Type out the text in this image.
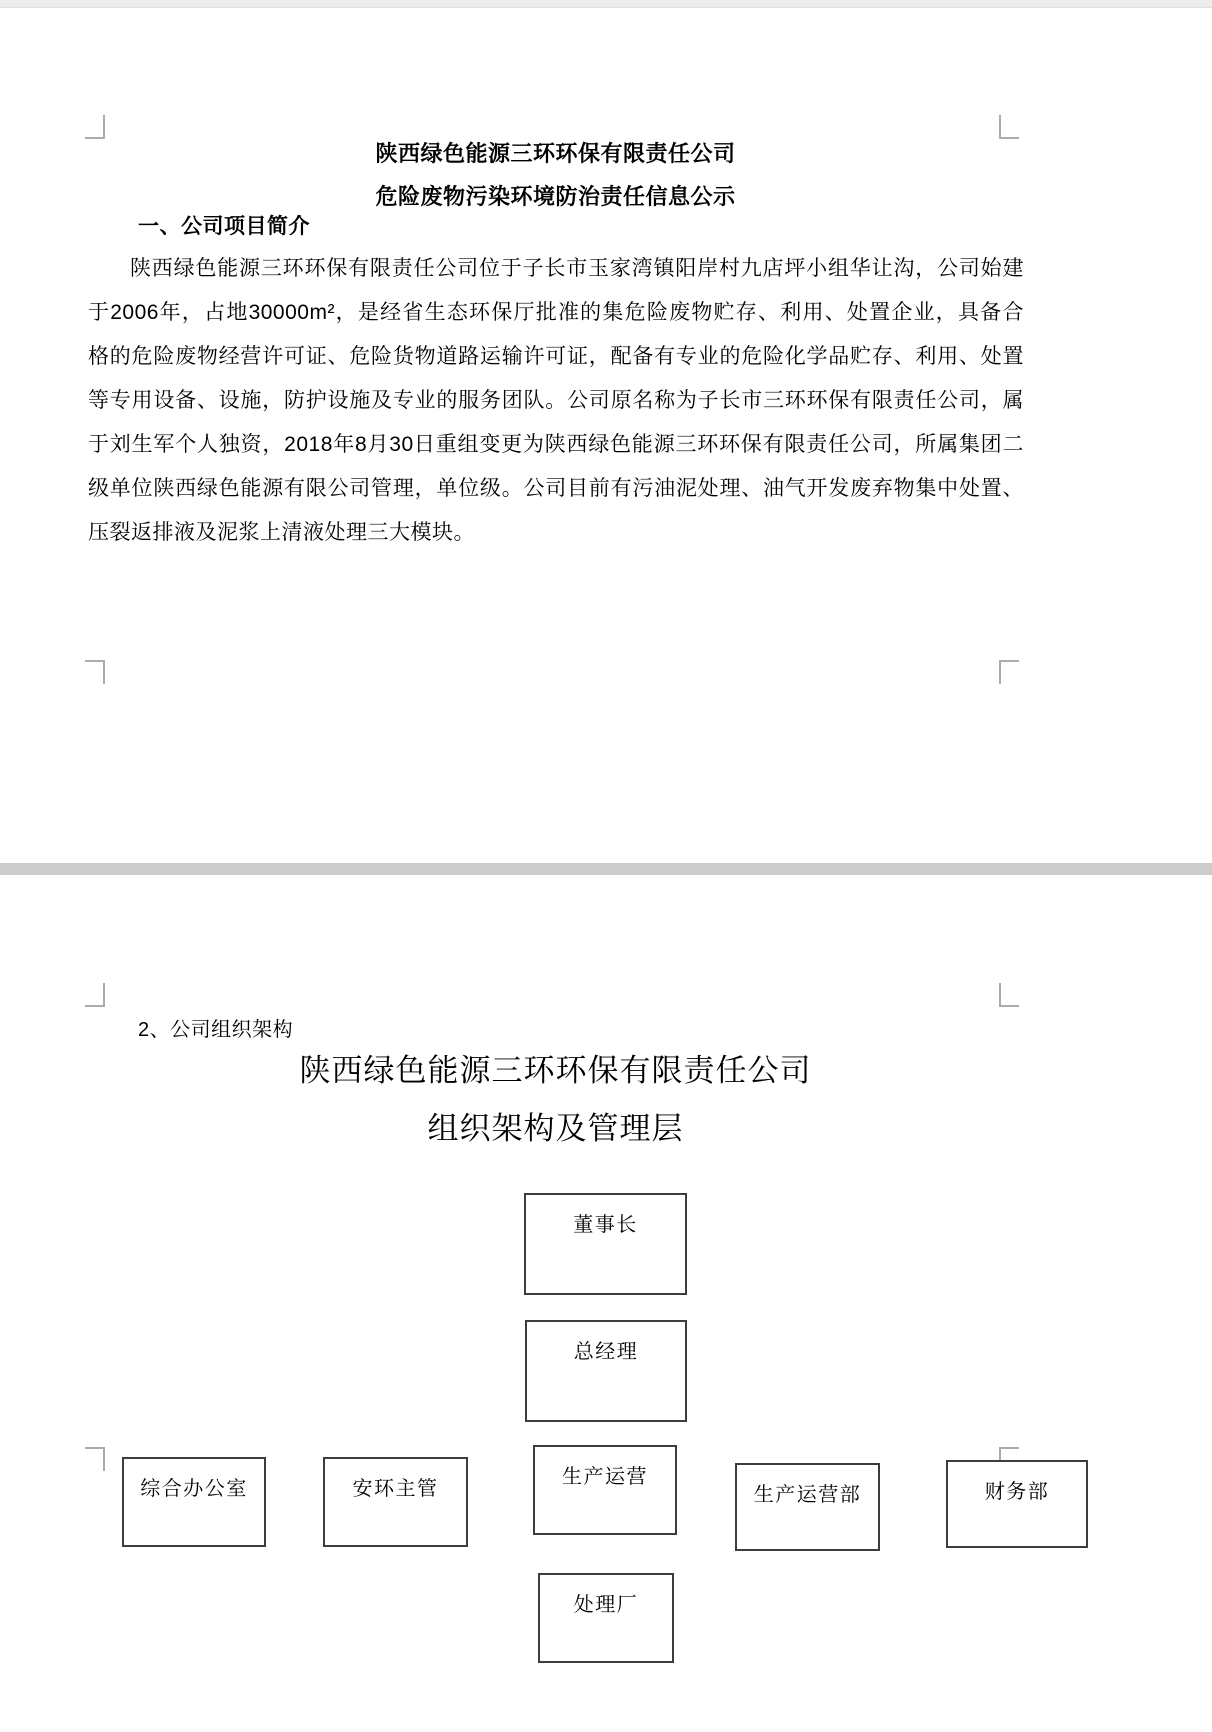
陕西绿色能源三环环保有限责任公司
危险废物污染环境防治责任信息公示
一、公司项目简介
陕西绿色能源三环环保有限责任公司位于子长市玉家湾镇阳岸村九店坪小组华让沟，公司始建
于2006年，占地30000m²，是经省生态环保厅批准的集危险废物贮存、利用、处置企业，具备合
格的危险废物经营许可证、危险货物道路运输许可证，配备有专业的危险化学品贮存、利用、处置
等专用设备、设施，防护设施及专业的服务团队。公司原名称为子长市三环环保有限责任公司，属
于刘生军个人独资，2018年8月30日重组变更为陕西绿色能源三环环保有限责任公司，所属集团二
级单位陕西绿色能源有限公司管理，单位级。公司目前有污油泥处理、油气开发废弃物集中处置、
压裂返排液及泥浆上清液处理三大模块。
2、公司组织架构
陕西绿色能源三环环保有限责任公司
组织架构及管理层
董事长
总经理
综合办公室	安环主管
生产运营
生产运营部	财务部
处理厂
